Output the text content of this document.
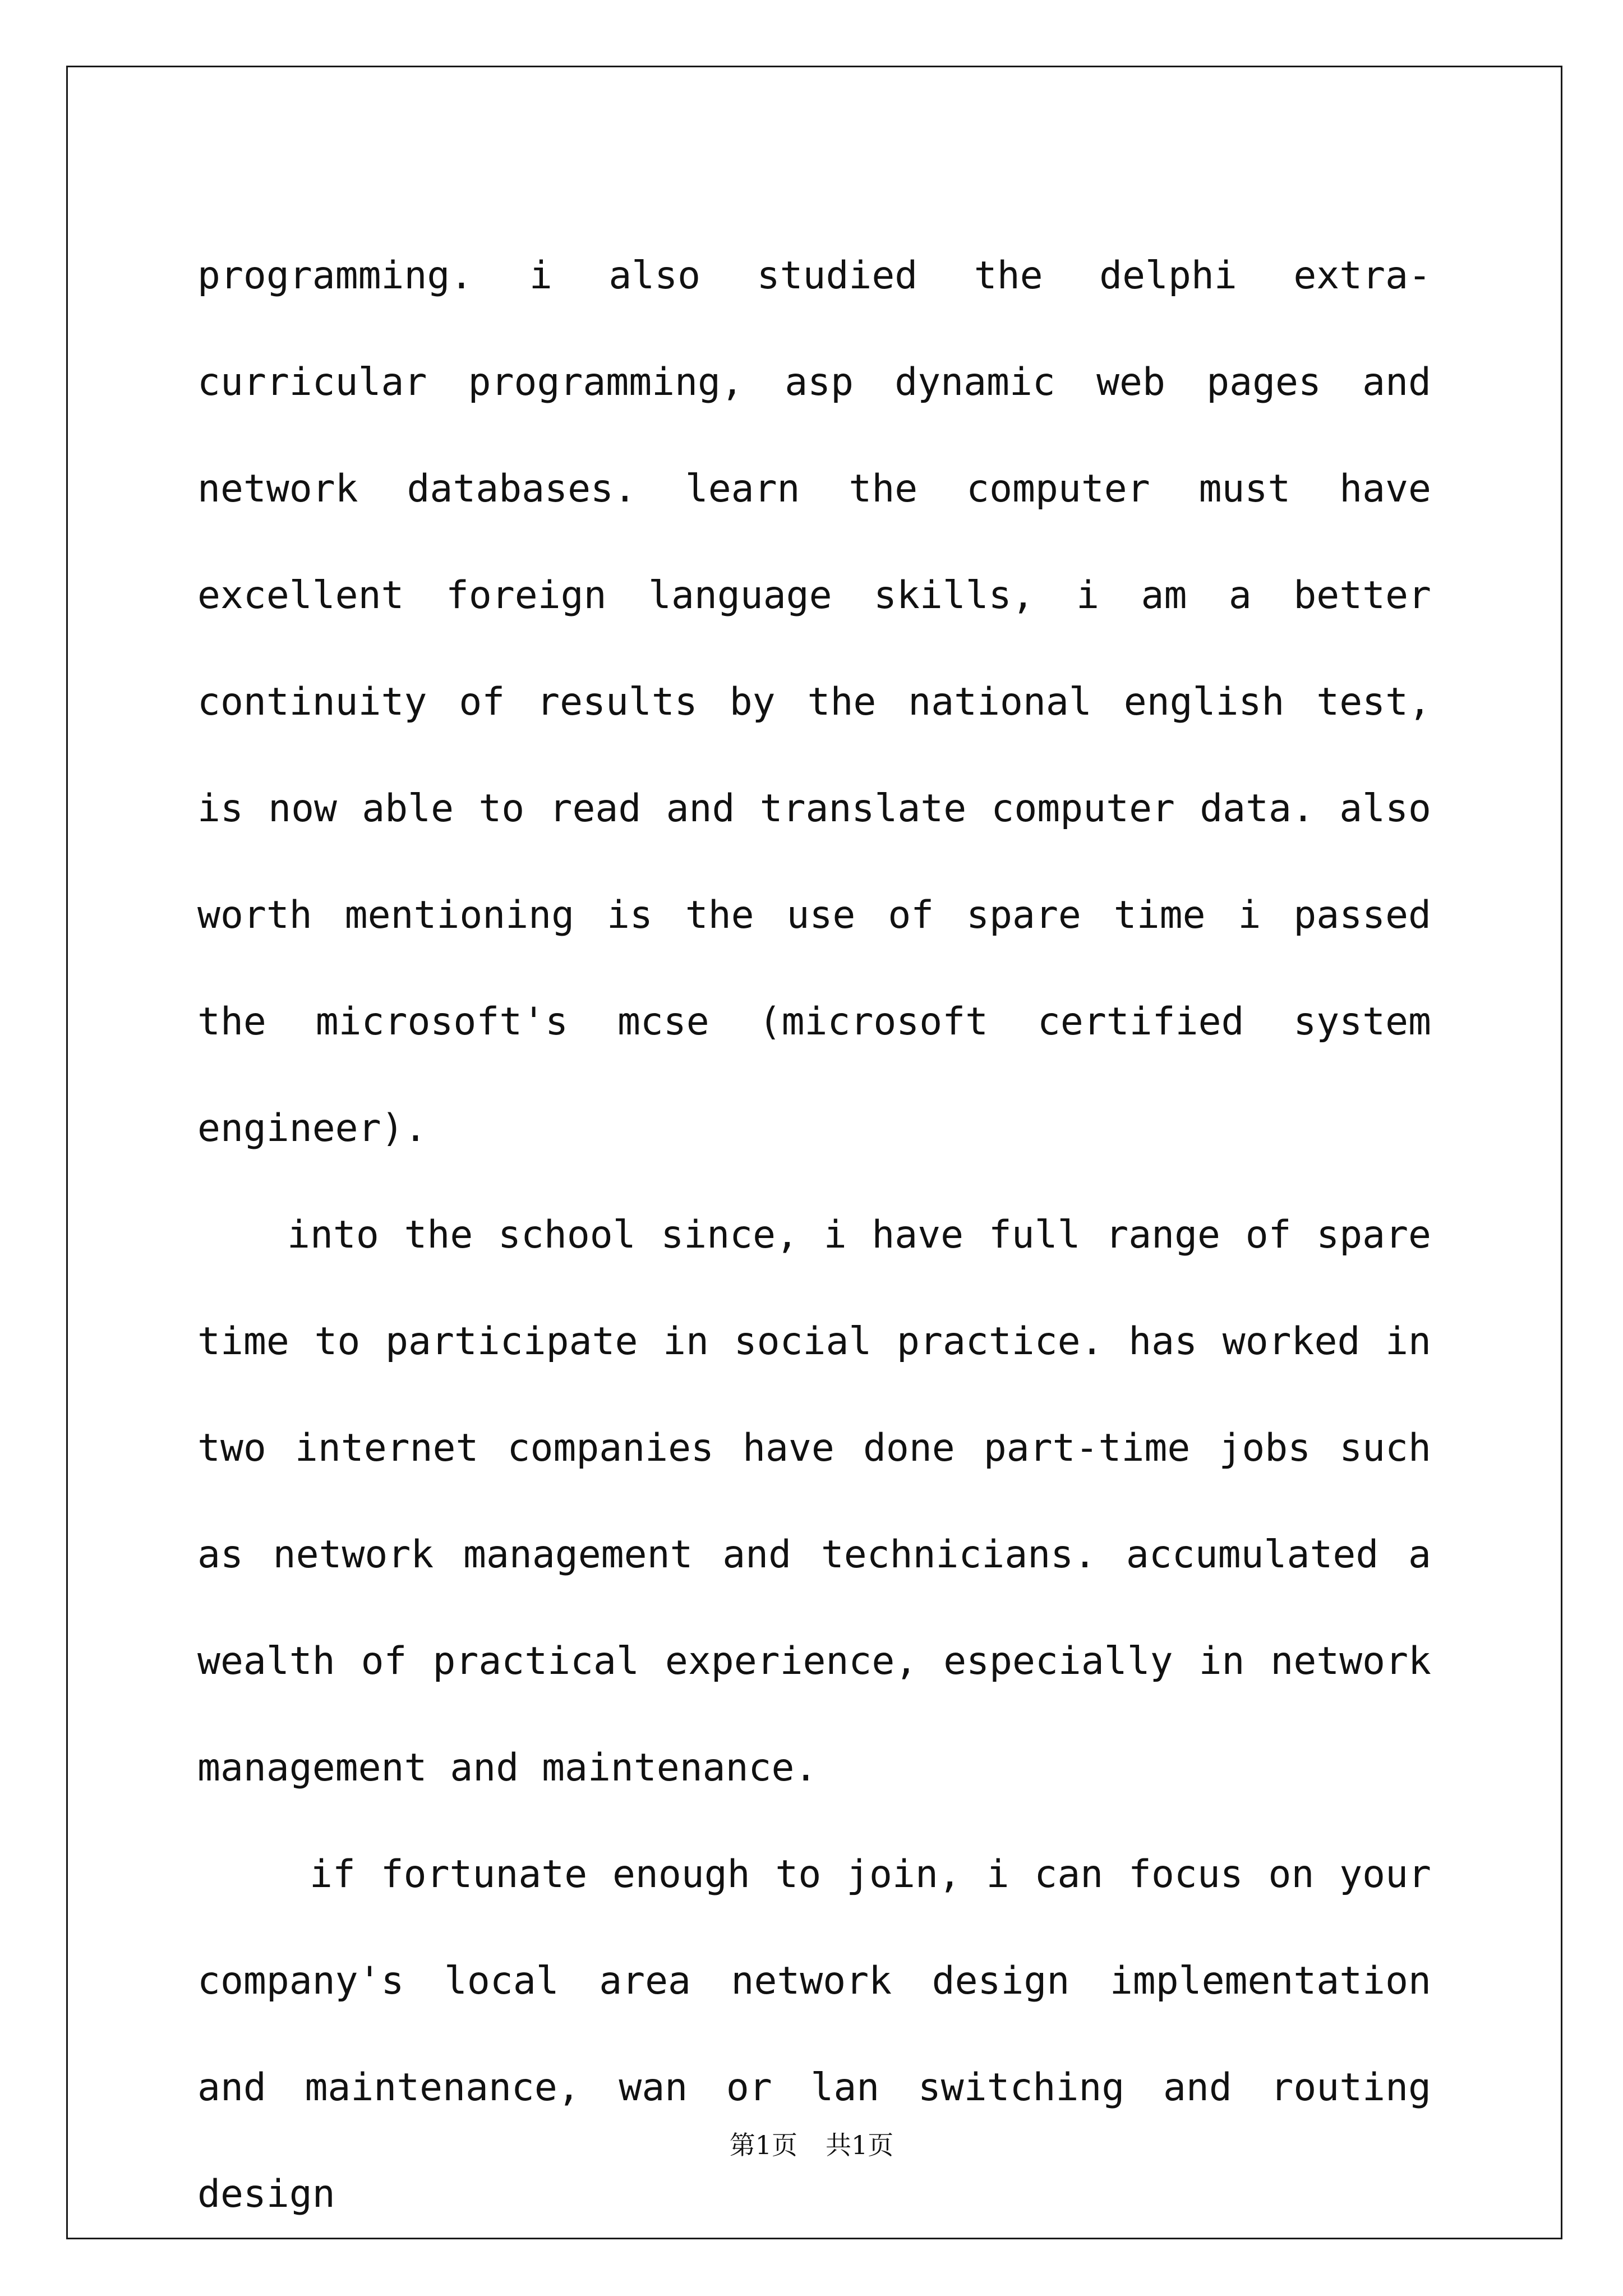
programming. i also studied the delphi extra-curricular programming, asp dynamic web pages and network databases. learn the computer must have excellent foreign language skills, i am a better continuity of results by the national english test, is now able to read and translate computer data. also worth mentioning is the use of spare time i passed the microsoft's mcse (microsoft certified system engineer).

into the school since, i have full range of spare time to participate in social practice. has worked in two internet companies have done part-time jobs such as network management and technicians. accumulated a wealth of practical experience, especially in network management and maintenance.

if fortunate enough to join, i can focus on your company's local area network design implementation and maintenance, wan or lan switching and routing design

第1页 共1页
